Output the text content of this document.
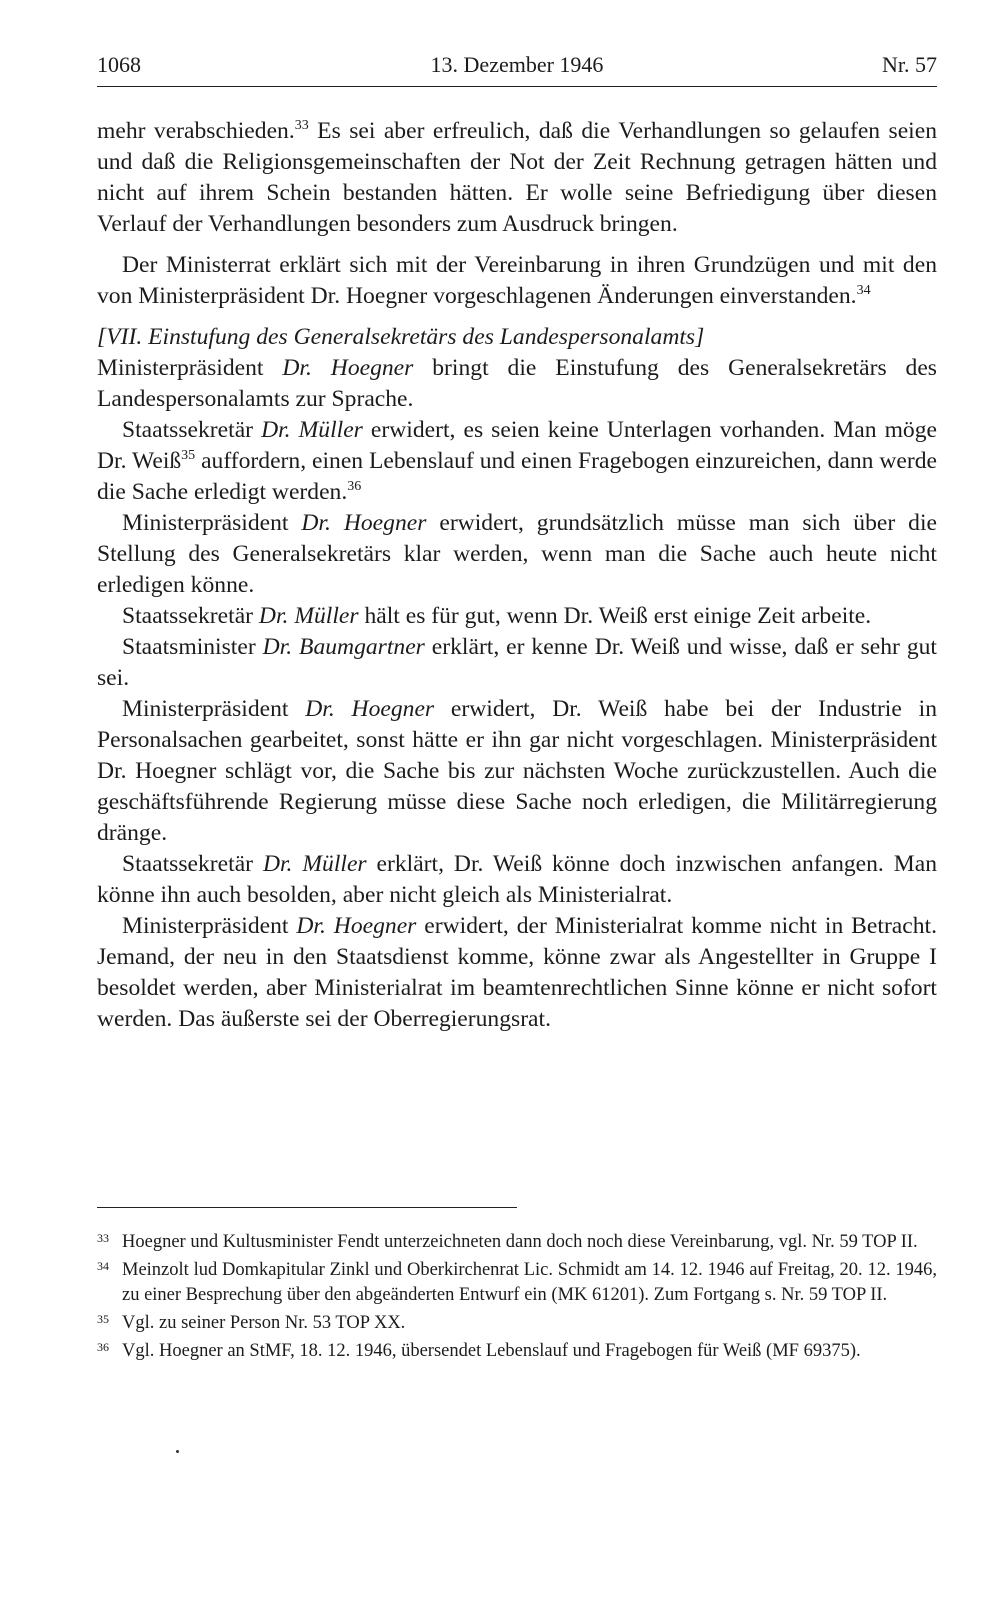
1068	13. Dezember 1946	Nr. 57

mehr verabschieden.$^{33}$ Es sei aber erfreulich, daß die Verhandlungen so gelaufen seien und daß die Religionsgemeinschaften der Not der Zeit Rechnung getragen hätten und nicht auf ihrem Schein bestanden hätten. Er wolle seine Befriedigung über diesen Verlauf der Verhandlungen besonders zum Ausdruck bringen.

Der Ministerrat erklärt sich mit der Vereinbarung in ihren Grundzügen und mit den von Ministerpräsident Dr. Hoegner vorgeschlagenen Änderungen einverstanden.$^{34}$

[VII. Einstufung des Generalsekretärs des Landespersonalamts]

Ministerpräsident Dr. Hoegner bringt die Einstufung des Generalsekretärs des Landespersonalamts zur Sprache.

Staatssekretär Dr. Müller erwidert, es seien keine Unterlagen vorhanden. Man möge Dr. Weiß$^{35}$ auffordern, einen Lebenslauf und einen Fragebogen einzureichen, dann werde die Sache erledigt werden.$^{36}$

Ministerpräsident Dr. Hoegner erwidert, grundsätzlich müsse man sich über die Stellung des Generalsekretärs klar werden, wenn man die Sache auch heute nicht erledigen könne.

Staatssekretär Dr. Müller hält es für gut, wenn Dr. Weiß erst einige Zeit arbeite.

Staatsminister Dr. Baumgartner erklärt, er kenne Dr. Weiß und wisse, daß er sehr gut sei.

Ministerpräsident Dr. Hoegner erwidert, Dr. Weiß habe bei der Industrie in Personalsachen gearbeitet, sonst hätte er ihn gar nicht vorgeschlagen. Ministerpräsident Dr. Hoegner schlägt vor, die Sache bis zur nächsten Woche zurückzustellen. Auch die geschäftsführende Regierung müsse diese Sache noch erledigen, die Militärregierung dränge.

Staatssekretär Dr. Müller erklärt, Dr. Weiß könne doch inzwischen anfangen. Man könne ihn auch besolden, aber nicht gleich als Ministerialrat.

Ministerpräsident Dr. Hoegner erwidert, der Ministerialrat komme nicht in Betracht. Jemand, der neu in den Staatsdienst komme, könne zwar als Angestellter in Gruppe I besoldet werden, aber Ministerialrat im beamtenrechtlichen Sinne könne er nicht sofort werden. Das äußerste sei der Oberregierungsrat.

33 Hoegner und Kultusminister Fendt unterzeichneten dann doch noch diese Vereinbarung, vgl. Nr. 59 TOP II.

34 Meinzolt lud Domkapitular Zinkl und Oberkirchenrat Lic. Schmidt am 14. 12. 1946 auf Freitag, 20. 12. 1946, zu einer Besprechung über den abgeänderten Entwurf ein (MK 61201). Zum Fortgang s. Nr. 59 TOP II.

35 Vgl. zu seiner Person Nr. 53 TOP XX.

36 Vgl. Hoegner an StMF, 18. 12. 1946, übersendet Lebenslauf und Fragebogen für Weiß (MF 69375).
